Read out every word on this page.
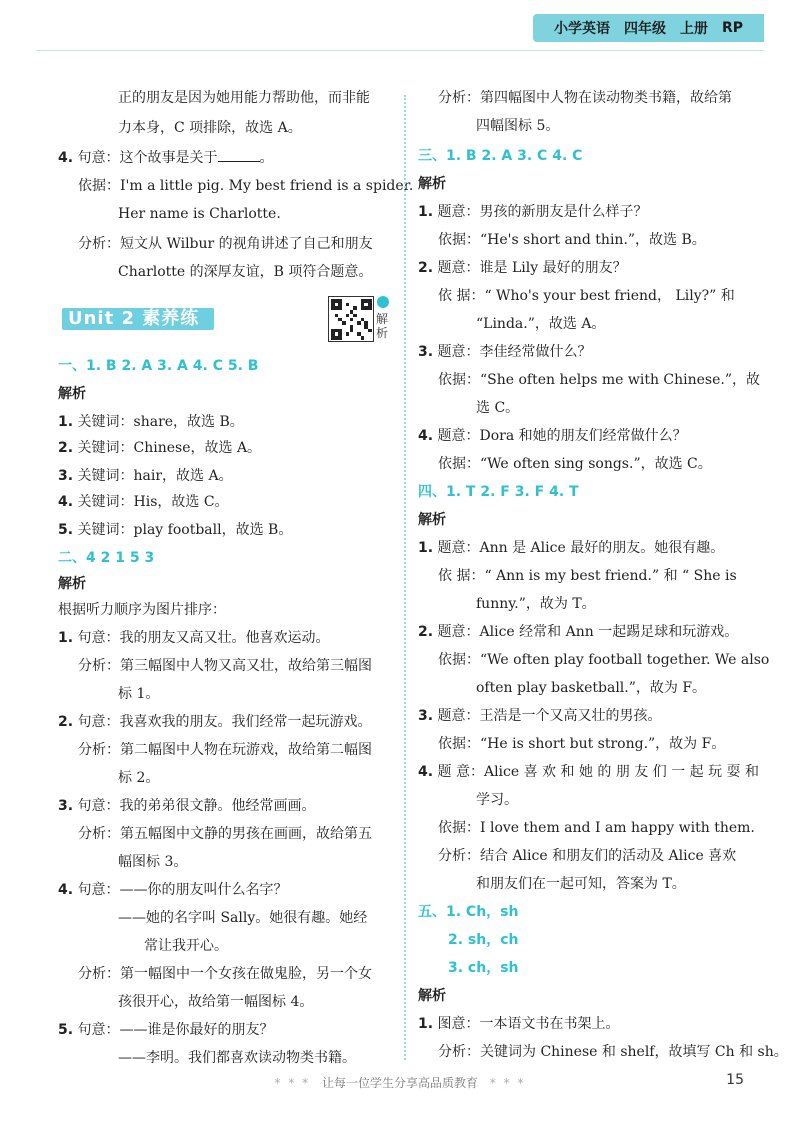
小学英语 四年级 上册 RP
正的朋友是因为她用能力帮助他，而非能
力本身，C 项排除，故选 A。
4. 句意：这个故事是关于	。
依据：I'm a little pig. My best friend is a spider.
Her name is Charlotte.
分析：短文从 Wilbur 的视角讲述了自己和朋友
Charlotte 的深厚友谊，B 项符合题意。
一、1. B 2. A 3. A 4. C 5. B
解析
1. 关键词：share，故选 B。
2. 关键词：Chinese，故选 A。
3. 关键词：hair，故选 A。
4. 关键词：His，故选 C。
5. 关键词：play football，故选 B。
二、4 2 1 5 3
解析
根据听力顺序为图片排序：
1. 句意：我的朋友又高又壮。他喜欢运动。
分析：第三幅图中人物又高又壮，故给第三幅图
标 1。
2. 句意：我喜欢我的朋友。我们经常一起玩游戏。
分析：第二幅图中人物在玩游戏，故给第二幅图
标 2。
3. 句意：我的弟弟很文静。他经常画画。
分析：第五幅图中文静的男孩在画画，故给第五
幅图标 3。
4. 句意：——你的朋友叫什么名字？
——她的名字叫 Sally。她很有趣。她经
常让我开心。
分析：第一幅图中一个女孩在做鬼脸，另一个女
孩很开心，故给第一幅图标 4。
5. 句意：——谁是你最好的朋友？
——李明。我们都喜欢读动物类书籍。
分析：第四幅图中人物在读动物类书籍，故给第
四幅图标 5。
三、1. B 2. A 3. C 4. C
解析
1. 题意：男孩的新朋友是什么样子？
依据：“He's short and thin.”，故选 B。
2. 题意：谁是 Lily 最好的朋友？
依 据：“ Who's your best friend， Lily?” 和
“Linda.”，故选 A。
3. 题意：李佳经常做什么？
依据：“She often helps me with Chinese.”，故
选 C。
4. 题意：Dora 和她的朋友们经常做什么？
依据：“We often sing songs.”，故选 C。
四、1. T 2. F 3. F 4. T
解析
1. 题意：Ann 是 Alice 最好的朋友。她很有趣。
依 据：“ Ann is my best friend.” 和 “ She is
funny.”，故为 T。
2. 题意：Alice 经常和 Ann 一起踢足球和玩游戏。
依据：“We often play football together. We also
often play basketball.”，故为 F。
3. 题意：王浩是一个又高又壮的男孩。
依据：“He is short but strong.”，故为 F。
4. 题 意：Alice 喜 欢 和 她 的 朋 友 们 一 起 玩 耍 和
学习。
依据：I love them and I am happy with them.
分析：结合 Alice 和朋友们的活动及 Alice 喜欢
和朋友们在一起可知，答案为 T。
五、1. Ch，sh
2. sh，ch
3. ch，sh
解析
1. 图意：一本语文书在书架上。
分析：关键词为 Chinese 和 shelf，故填写 Ch 和 sh。
Unit 2 素养练习
解析
* * * 让每一位学生分享高品质教育 * * *	15
